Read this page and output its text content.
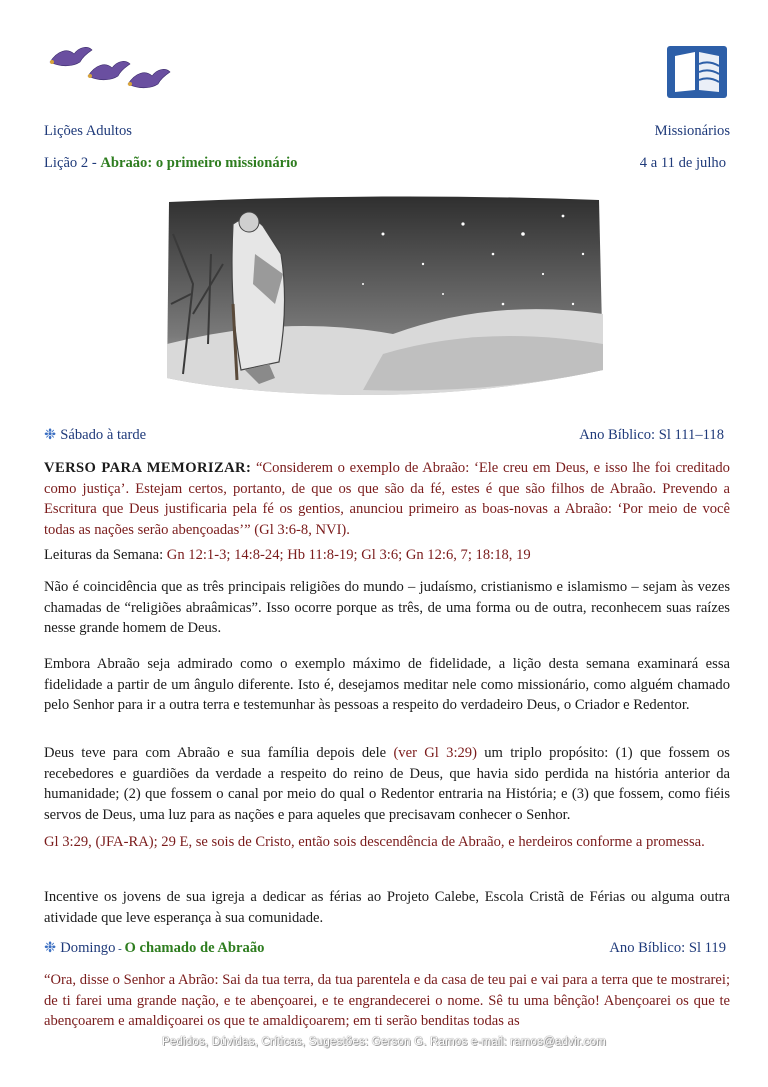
Lições Adultos	Missionários
Lição 2 - Abraão: o primeiro missionário	4 a 11 de julho
❉ Sábado à tarde	Ano Bíblico: Sl 111–118

VERSO PARA MEMORIZAR: “Considerem o exemplo de Abraão: ‘Ele creu em Deus, e isso lhe foi creditado como justiça’. Estejam certos, portanto, de que os que são da fé, estes é que são filhos de Abraão. Prevendo a Escritura que Deus justificaria pela fé os gentios, anunciou primeiro as boas-novas a Abraão: ‘Por meio de você todas as nações serão abençoadas’” (Gl 3:6-8, NVI).

Leituras da Semana: Gn 12:1-3; 14:8-24; Hb 11:8-19; Gl 3:6; Gn 12:6, 7; 18:18, 19

Não é coincidência que as três principais religiões do mundo – judaísmo, cristianismo e islamismo – sejam às vezes chamadas de “religiões abraâmicas”. Isso ocorre porque as três, de uma forma ou de outra, reconhecem suas raízes nesse grande homem de Deus.

Embora Abraão seja admirado como o exemplo máximo de fidelidade, a lição desta semana examinará essa fidelidade a partir de um ângulo diferente. Isto é, desejamos meditar nele como missionário, como alguém chamado pelo Senhor para ir a outra terra e testemunhar às pessoas a respeito do verdadeiro Deus, o Criador e Redentor.

Deus teve para com Abraão e sua família depois dele (ver Gl 3:29) um triplo propósito: (1) que fossem os recebedores e guardiões da verdade a respeito do reino de Deus, que havia sido perdida na história anterior da humanidade; (2) que fossem o canal por meio do qual o Redentor entraria na História; e (3) que fossem, como fiéis servos de Deus, uma luz para as nações e para aqueles que precisavam conhecer o Senhor.

Gl 3:29, (JFA-RA); 29 E, se sois de Cristo, então sois descendência de Abraão, e herdeiros conforme a promessa.

Incentive os jovens de sua igreja a dedicar as férias ao Projeto Calebe, Escola Cristã de Férias ou alguma outra atividade que leve esperança à sua comunidade.

❉ Domingo - O chamado de Abraão	Ano Bíblico: Sl 119

“Ora, disse o Senhor a Abrão: Sai da tua terra, da tua parentela e da casa de teu pai e vai para a terra que te mostrarei; de ti farei uma grande nação, e te abençoarei, e te engrandecerei o nome. Sê tu uma bênção! Abençoarei os que te abençoarem e amaldiçoarei os que te amaldiçoarem; em ti serão benditas todas as

Pedidos, Dúvidas, Críticas, Sugestões: Gerson G. Ramos e-mail: ramos@advir.com
